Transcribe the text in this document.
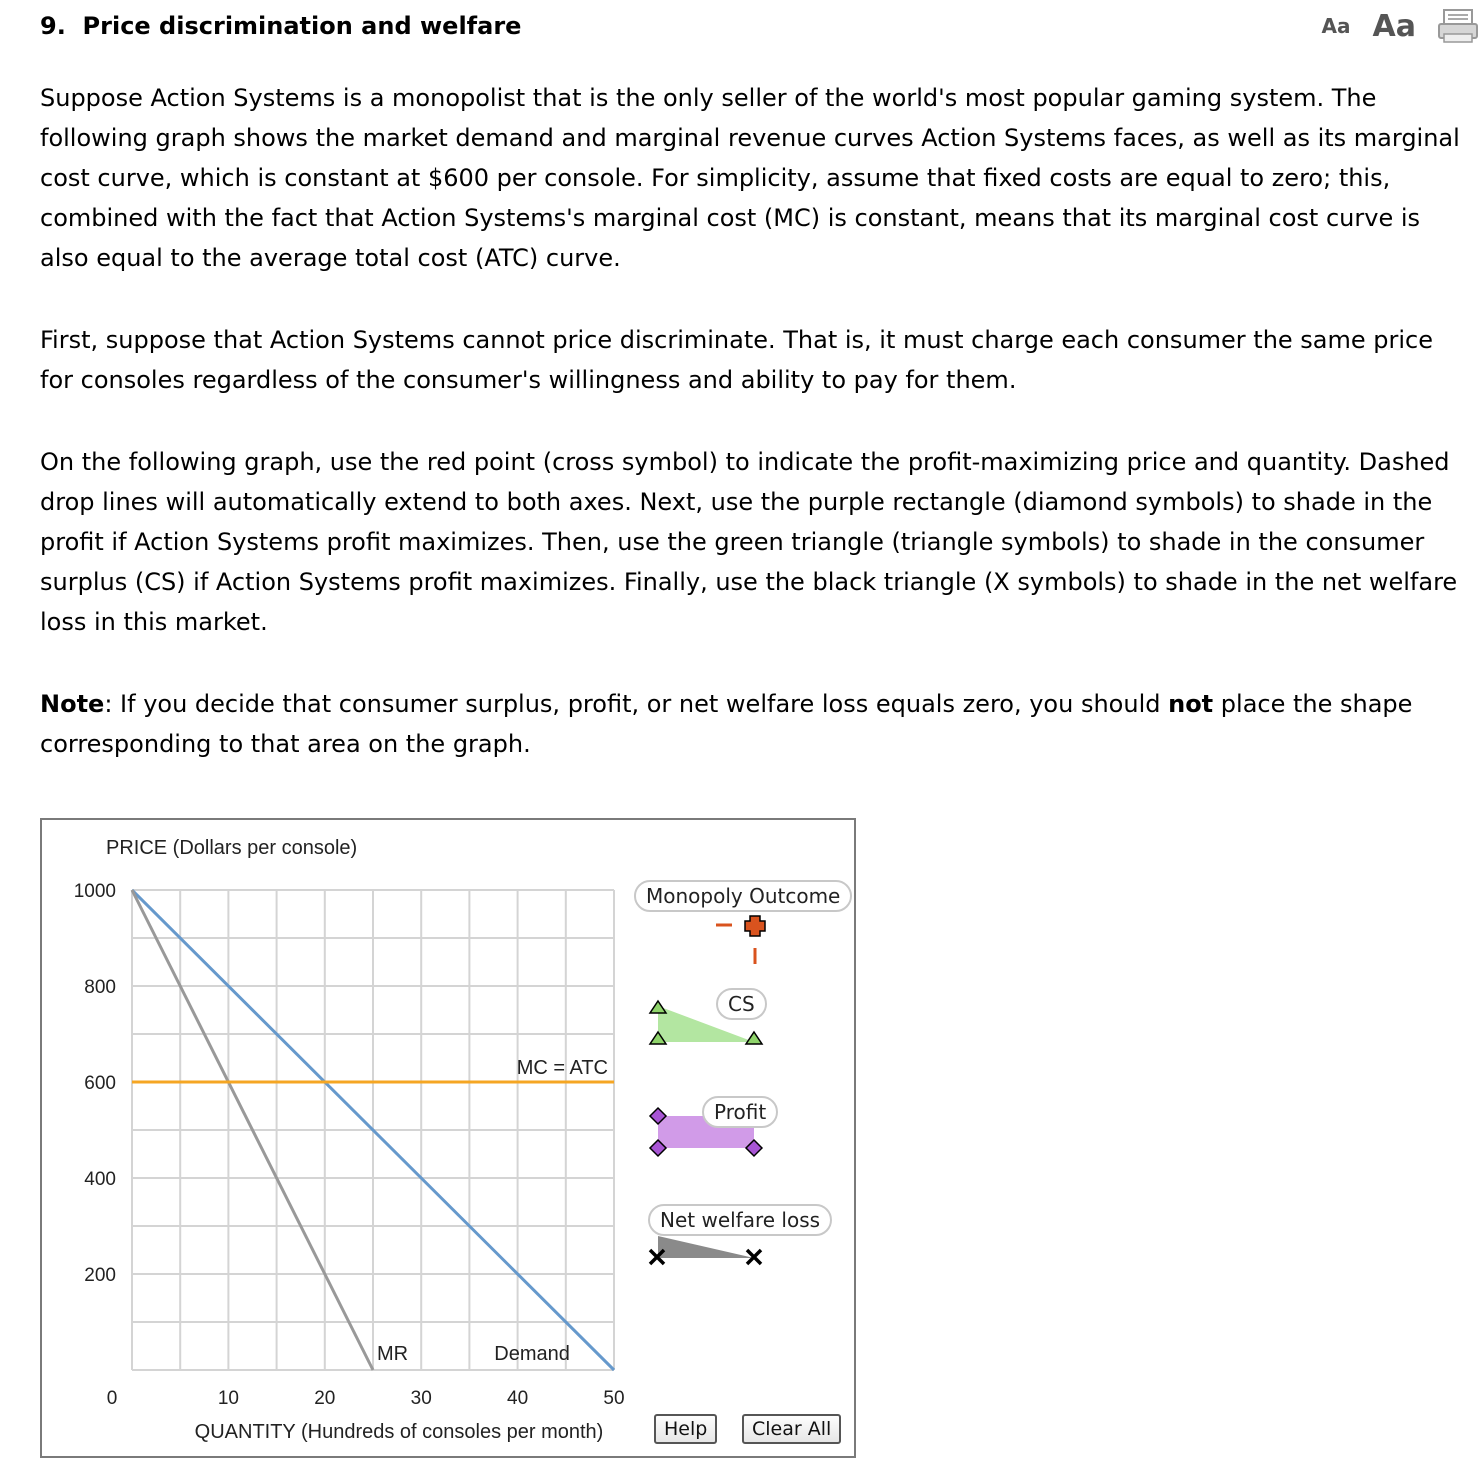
9. Price discrimination and welfare	Aa Aa

Suppose Action Systems is a monopolist that is the only seller of the world's most popular gaming system. The following graph shows the market demand and marginal revenue curves Action Systems faces, as well as its marginal cost curve, which is constant at $600 per console. For simplicity, assume that fixed costs are equal to zero; this, combined with the fact that Action Systems's marginal cost (MC) is constant, means that its marginal cost curve is also equal to the average total cost (ATC) curve.

First, suppose that Action Systems cannot price discriminate. That is, it must charge each consumer the same price for consoles regardless of the consumer's willingness and ability to pay for them.

On the following graph, use the red point (cross symbol) to indicate the profit-maximizing price and quantity. Dashed drop lines will automatically extend to both axes. Next, use the purple rectangle (diamond symbols) to shade in the profit if Action Systems profit maximizes. Then, use the green triangle (triangle symbols) to shade in the consumer surplus (CS) if Action Systems profit maximizes. Finally, use the black triangle (X symbols) to shade in the net welfare loss in this market.

Note: If you decide that consumer surplus, profit, or net welfare loss equals zero, you should not place the shape corresponding to that area on the graph.

200
400
600
800
1000
0	10	20	30	40	50
PRICE (Dollars per console)
QUANTITY (Hundreds of consoles per month)
MC = ATC
MR	Demand
Monopoly Outcome
CS
Profit
Net welfare loss
Help	Clear All
